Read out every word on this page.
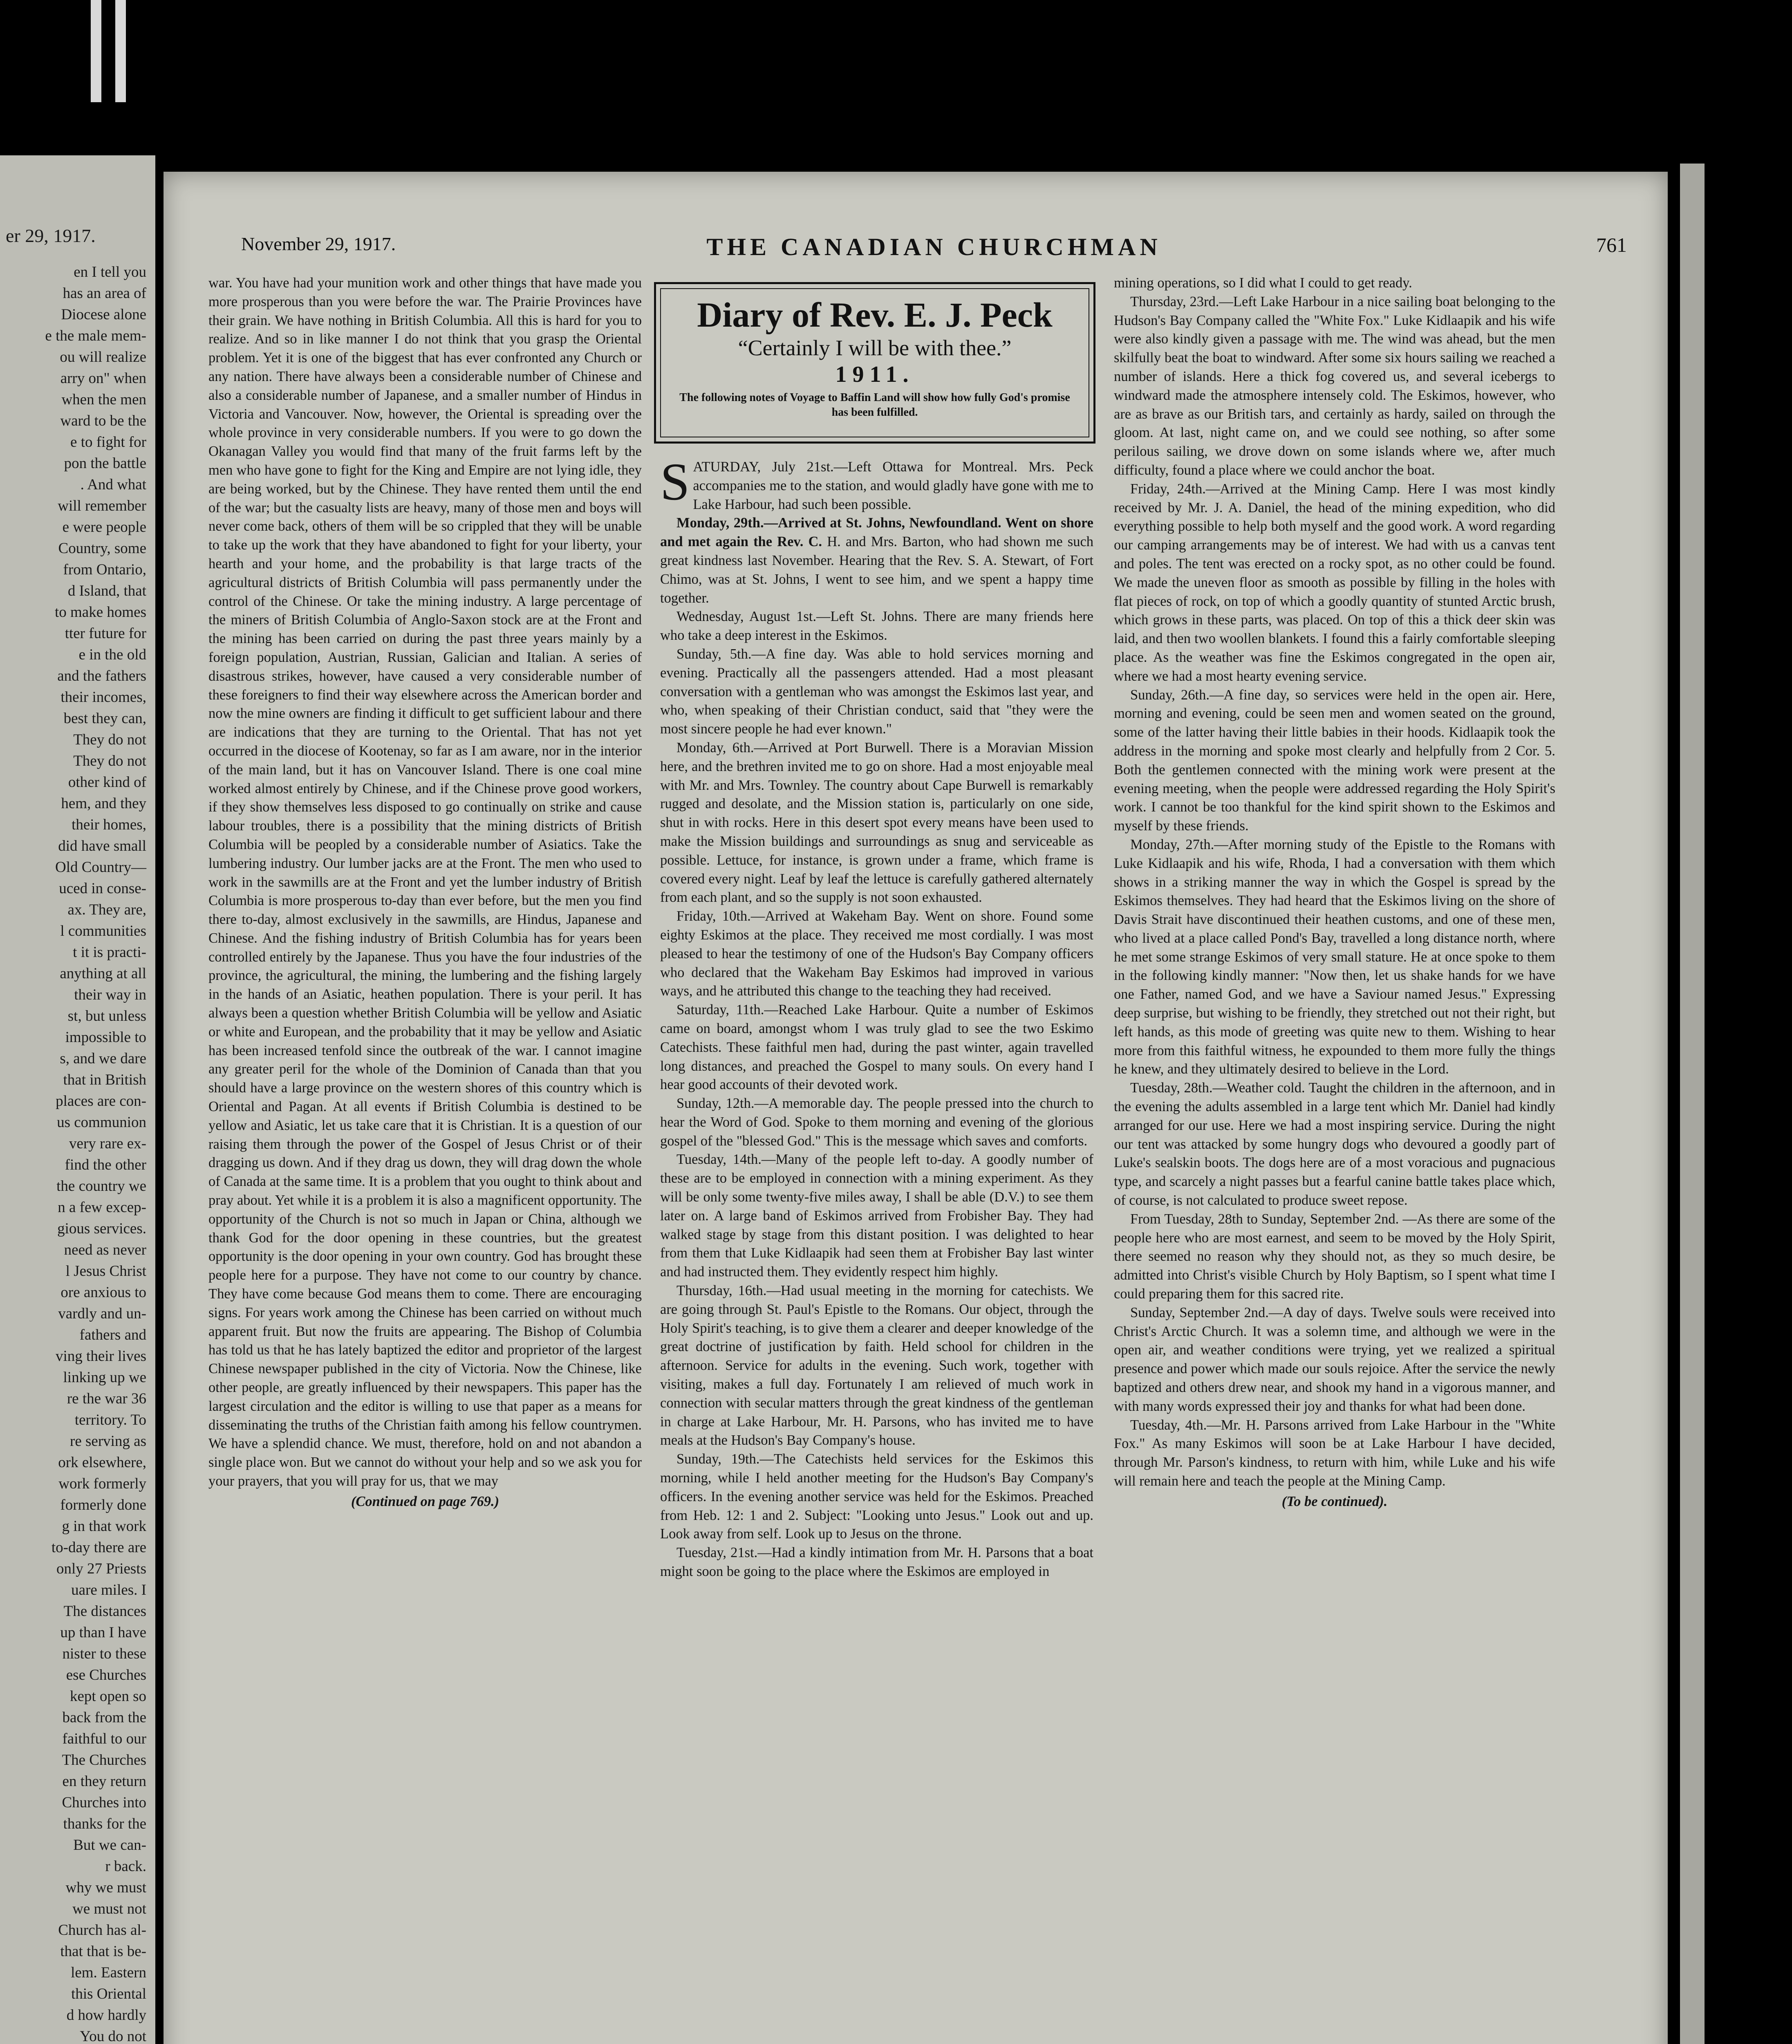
er 29, 1917.
en I tell you
has an area of
Diocese alone
e the male mem-
ou will realize
arry on" when
when the men
ward to be the
e to fight for
pon the battle
. And what
will remember
e were people
Country, some
from Ontario,
d Island, that
to make homes
tter future for
e in the old
and the fathers
their incomes,
best they can,
They do not
They do not
other kind of
hem, and they
their homes,
did have small
Old Country—
uced in conse-
ax. They are,
l communities
t it is practi-
anything at all
their way in
st, but unless
impossible to
s, and we dare
that in British
places are con-
us communion
very rare ex-
find the other
the country we
n a few excep-
gious services.
need as never
l Jesus Christ
ore anxious to
vardly and un-
fathers and
ving their lives
linking up we
re the war 36
territory. To
re serving as
ork elsewhere,
work formerly
formerly done
g in that work
to-day there are
only 27 Priests
uare miles. I
The distances
up than I have
nister to these
ese Churches
kept open so
back from the
faithful to our
The Churches
en they return
Churches into
thanks for the
But we can-
r back.
why we must
we must not
Church has al-
that that is be-
lem. Eastern
this Oriental
d how hardly
You do not
November 29, 1917.	THE CANADIAN CHURCHMAN	761

war. You have had your munition work and other things that have made you more prosperous than you were before the war. The Prairie Provinces have their grain. We have nothing in British Columbia. All this is hard for you to realize. And so in like manner I do not think that you grasp the Oriental problem. Yet it is one of the biggest that has ever confronted any Church or any nation. There have always been a considerable number of Chinese and also a considerable number of Japanese, and a smaller number of Hindus in Victoria and Vancouver. Now, however, the Oriental is spreading over the whole province in very considerable numbers. If you were to go down the Okanagan Valley you would find that many of the fruit farms left by the men who have gone to fight for the King and Empire are not lying idle, they are being worked, but by the Chinese. They have rented them until the end of the war; but the casualty lists are heavy, many of those men and boys will never come back, others of them will be so crippled that they will be unable to take up the work that they have abandoned to fight for your liberty, your hearth and your home, and the probability is that large tracts of the agricultural districts of British Columbia will pass permanently under the control of the Chinese. Or take the mining industry. A large percentage of the miners of British Columbia of Anglo-Saxon stock are at the Front and the mining has been carried on during the past three years mainly by a foreign population, Austrian, Russian, Galician and Italian. A series of disastrous strikes, however, have caused a very considerable number of these foreigners to find their way elsewhere across the American border and now the mine owners are finding it difficult to get sufficient labour and there are indications that they are turning to the Oriental. That has not yet occurred in the diocese of Kootenay, so far as I am aware, nor in the interior of the main land, but it has on Vancouver Island. There is one coal mine worked almost entirely by Chinese, and if the Chinese prove good workers, if they show themselves less disposed to go continually on strike and cause labour troubles, there is a possibility that the mining districts of British Columbia will be peopled by a considerable number of Asiatics. Take the lumbering industry. Our lumber jacks are at the Front. The men who used to work in the sawmills are at the Front and yet the lumber industry of British Columbia is more prosperous to-day than ever before, but the men you find there to-day, almost exclusively in the sawmills, are Hindus, Japanese and Chinese. And the fishing industry of British Columbia has for years been controlled entirely by the Japanese. Thus you have the four industries of the province, the agricultural, the mining, the lumbering and the fishing largely in the hands of an Asiatic, heathen population. There is your peril. It has always been a question whether British Columbia will be yellow and Asiatic or white and European, and the probability that it may be yellow and Asiatic has been increased tenfold since the outbreak of the war. I cannot imagine any greater peril for the whole of the Dominion of Canada than that you should have a large province on the western shores of this country which is Oriental and Pagan. At all events if British Columbia is destined to be yellow and Asiatic, let us take care that it is Christian. It is a question of our raising them through the power of the Gospel of Jesus Christ or of their dragging us down. And if they drag us down, they will drag down the whole of Canada at the same time. It is a problem that you ought to think about and pray about. Yet while it is a problem it is also a magnificent opportunity. The opportunity of the Church is not so much in Japan or China, although we thank God for the door opening in these countries, but the greatest opportunity is the door opening in your own country. God has brought these people here for a purpose. They have not come to our country by chance. They have come because God means them to come. There are encouraging signs. For years work among the Chinese has been carried on without much apparent fruit. But now the fruits are appearing. The Bishop of Columbia has told us that he has lately baptized the editor and proprietor of the largest Chinese newspaper published in the city of Victoria. Now the Chinese, like other people, are greatly influenced by their newspapers. This paper has the largest circulation and the editor is willing to use that paper as a means for disseminating the truths of the Christian faith among his fellow countrymen. We have a splendid chance. We must, therefore, hold on and not abandon a single place won. But we cannot do without your help and so we ask you for your prayers, that you will pray for us, that we may

(Continued on page 769.)
Diary of Rev. E. J. Peck
“Certainly I will be with thee.”
1911.
The following notes of Voyage to Baffin Land will show how fully God's promise has been fulfilled.

SATURDAY, July 21st.—Left Ottawa for Montreal. Mrs. Peck accompanies me to the station, and would gladly have gone with me to Lake Harbour, had such been possible.

Monday, 29th.—Arrived at St. Johns, Newfoundland. Went on shore and met again the Rev. C. H. and Mrs. Barton, who had shown me such great kindness last November. Hearing that the Rev. S. A. Stewart, of Fort Chimo, was at St. Johns, I went to see him, and we spent a happy time together.

Wednesday, August 1st.—Left St. Johns. There are many friends here who take a deep interest in the Eskimos.

Sunday, 5th.—A fine day. Was able to hold services morning and evening. Practically all the passengers attended. Had a most pleasant conversation with a gentleman who was amongst the Eskimos last year, and who, when speaking of their Christian conduct, said that "they were the most sincere people he had ever known."

Monday, 6th.—Arrived at Port Burwell. There is a Moravian Mission here, and the brethren invited me to go on shore. Had a most enjoyable meal with Mr. and Mrs. Townley. The country about Cape Burwell is remarkably rugged and desolate, and the Mission station is, particularly on one side, shut in with rocks. Here in this desert spot every means have been used to make the Mission buildings and surroundings as snug and serviceable as possible. Lettuce, for instance, is grown under a frame, which frame is covered every night. Leaf by leaf the lettuce is carefully gathered alternately from each plant, and so the supply is not soon exhausted.

Friday, 10th.—Arrived at Wakeham Bay. Went on shore. Found some eighty Eskimos at the place. They received me most cordially. I was most pleased to hear the testimony of one of the Hudson's Bay Company officers who declared that the Wakeham Bay Eskimos had improved in various ways, and he attributed this change to the teaching they had received.

Saturday, 11th.—Reached Lake Harbour. Quite a number of Eskimos came on board, amongst whom I was truly glad to see the two Eskimo Catechists. These faithful men had, during the past winter, again travelled long distances, and preached the Gospel to many souls. On every hand I hear good accounts of their devoted work.

Sunday, 12th.—A memorable day. The people pressed into the church to hear the Word of God. Spoke to them morning and evening of the glorious gospel of the "blessed God." This is the message which saves and comforts.

Tuesday, 14th.—Many of the people left to-day. A goodly number of these are to be employed in connection with a mining experiment. As they will be only some twenty-five miles away, I shall be able (D.V.) to see them later on. A large band of Eskimos arrived from Frobisher Bay. They had walked stage by stage from this distant position. I was delighted to hear from them that Luke Kidlaapik had seen them at Frobisher Bay last winter and had instructed them. They evidently respect him highly.

Thursday, 16th.—Had usual meeting in the morning for catechists. We are going through St. Paul's Epistle to the Romans. Our object, through the Holy Spirit's teaching, is to give them a clearer and deeper knowledge of the great doctrine of justification by faith. Held school for children in the afternoon. Service for adults in the evening. Such work, together with visiting, makes a full day. Fortunately I am relieved of much work in connection with secular matters through the great kindness of the gentleman in charge at Lake Harbour, Mr. H. Parsons, who has invited me to have meals at the Hudson's Bay Company's house.

Sunday, 19th.—The Catechists held services for the Eskimos this morning, while I held another meeting for the Hudson's Bay Company's officers. In the evening another service was held for the Eskimos. Preached from Heb. 12: 1 and 2. Subject: "Looking unto Jesus." Look out and up. Look away from self. Look up to Jesus on the throne.

Tuesday, 21st.—Had a kindly intimation from Mr. H. Parsons that a boat might soon be going to the place where the Eskimos are employed in

mining operations, so I did what I could to get ready.

Thursday, 23rd.—Left Lake Harbour in a nice sailing boat belonging to the Hudson's Bay Company called the "White Fox." Luke Kidlaapik and his wife were also kindly given a passage with me. The wind was ahead, but the men skilfully beat the boat to windward. After some six hours sailing we reached a number of islands. Here a thick fog covered us, and several icebergs to windward made the atmosphere intensely cold. The Eskimos, however, who are as brave as our British tars, and certainly as hardy, sailed on through the gloom. At last, night came on, and we could see nothing, so after some perilous sailing, we drove down on some islands where we, after much difficulty, found a place where we could anchor the boat.

Friday, 24th.—Arrived at the Mining Camp. Here I was most kindly received by Mr. J. A. Daniel, the head of the mining expedition, who did everything possible to help both myself and the good work. A word regarding our camping arrangements may be of interest. We had with us a canvas tent and poles. The tent was erected on a rocky spot, as no other could be found. We made the uneven floor as smooth as possible by filling in the holes with flat pieces of rock, on top of which a goodly quantity of stunted Arctic brush, which grows in these parts, was placed. On top of this a thick deer skin was laid, and then two woollen blankets. I found this a fairly comfortable sleeping place. As the weather was fine the Eskimos congregated in the open air, where we had a most hearty evening service.

Sunday, 26th.—A fine day, so services were held in the open air. Here, morning and evening, could be seen men and women seated on the ground, some of the latter having their little babies in their hoods. Kidlaapik took the address in the morning and spoke most clearly and helpfully from 2 Cor. 5. Both the gentlemen connected with the mining work were present at the evening meeting, when the people were addressed regarding the Holy Spirit's work. I cannot be too thankful for the kind spirit shown to the Eskimos and myself by these friends.

Monday, 27th.—After morning study of the Epistle to the Romans with Luke Kidlaapik and his wife, Rhoda, I had a conversation with them which shows in a striking manner the way in which the Gospel is spread by the Eskimos themselves. They had heard that the Eskimos living on the shore of Davis Strait have discontinued their heathen customs, and one of these men, who lived at a place called Pond's Bay, travelled a long distance north, where he met some strange Eskimos of very small stature. He at once spoke to them in the following kindly manner: "Now then, let us shake hands for we have one Father, named God, and we have a Saviour named Jesus." Expressing deep surprise, but wishing to be friendly, they stretched out not their right, but left hands, as this mode of greeting was quite new to them. Wishing to hear more from this faithful witness, he expounded to them more fully the things he knew, and they ultimately desired to believe in the Lord.

Tuesday, 28th.—Weather cold. Taught the children in the afternoon, and in the evening the adults assembled in a large tent which Mr. Daniel had kindly arranged for our use. Here we had a most inspiring service. During the night our tent was attacked by some hungry dogs who devoured a goodly part of Luke's sealskin boots. The dogs here are of a most voracious and pugnacious type, and scarcely a night passes but a fearful canine battle takes place which, of course, is not calculated to produce sweet repose.

From Tuesday, 28th to Sunday, September 2nd. —As there are some of the people here who are most earnest, and seem to be moved by the Holy Spirit, there seemed no reason why they should not, as they so much desire, be admitted into Christ's visible Church by Holy Baptism, so I spent what time I could preparing them for this sacred rite.

Sunday, September 2nd.—A day of days. Twelve souls were received into Christ's Arctic Church. It was a solemn time, and although we were in the open air, and weather conditions were trying, yet we realized a spiritual presence and power which made our souls rejoice. After the service the newly baptized and others drew near, and shook my hand in a vigorous manner, and with many words expressed their joy and thanks for what had been done.

Tuesday, 4th.—Mr. H. Parsons arrived from Lake Harbour in the "White Fox." As many Eskimos will soon be at Lake Harbour I have decided, through Mr. Parson's kindness, to return with him, while Luke and his wife will remain here and teach the people at the Mining Camp.

(To be continued).
